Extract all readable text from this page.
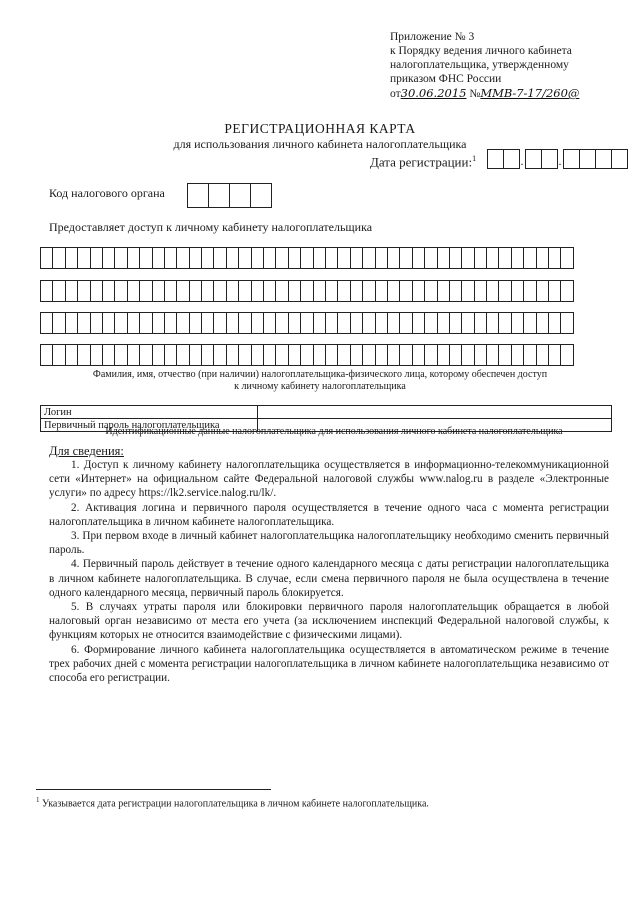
Приложение № 3
к Порядку ведения личного кабинета
налогоплательщика, утвержденному
приказом ФНС России
от30.06.2015 №ММВ-7-17/260@
РЕГИСТРАЦИОННАЯ КАРТА
для использования личного кабинета налогоплательщика
Дата регистрации:$^1$	.	.
Код налогового органа
Предоставляет доступ к личному кабинету налогоплательщика
Фамилия, имя, отчество (при наличии) налогоплательщика-физического лица, которому обеспечен доступ
к личному кабинету налогоплательщика
Логин	
Первичный пароль налогоплательщика	
Идентификационные данные налогоплательщика для использования личного кабинета налогоплательщика
Для сведения:

1. Доступ к личному кабинету налогоплательщика осуществляется в информационно-телекоммуникационной сети «Интернет» на официальном сайте Федеральной налоговой службы www.nalog.ru в разделе «Электронные услуги» по адресу https://lk2.service.nalog.ru/lk/.

2. Активация логина и первичного пароля осуществляется в течение одного часа с момента регистрации налогоплательщика в личном кабинете налогоплательщика.

3. При первом входе в личный кабинет налогоплательщика налогоплательщику необходимо сменить первичный пароль.

4. Первичный пароль действует в течение одного календарного месяца с даты регистрации налогоплательщика в личном кабинете налогоплательщика. В случае, если смена первичного пароля не была осуществлена в течение одного календарного месяца, первичный пароль блокируется.

5. В случаях утраты пароля или блокировки первичного пароля налогоплательщик обращается в любой налоговый орган независимо от места его учета (за исключением инспекций Федеральной налоговой службы, к функциям которых не относится взаимодействие с физическими лицами).

6. Формирование личного кабинета налогоплательщика осуществляется в автоматическом режиме в течение трех рабочих дней с момента регистрации налогоплательщика в личном кабинете налогоплательщика независимо от способа его регистрации.

$^1$ Указывается дата регистрации налогоплательщика в личном кабинете налогоплательщика.
